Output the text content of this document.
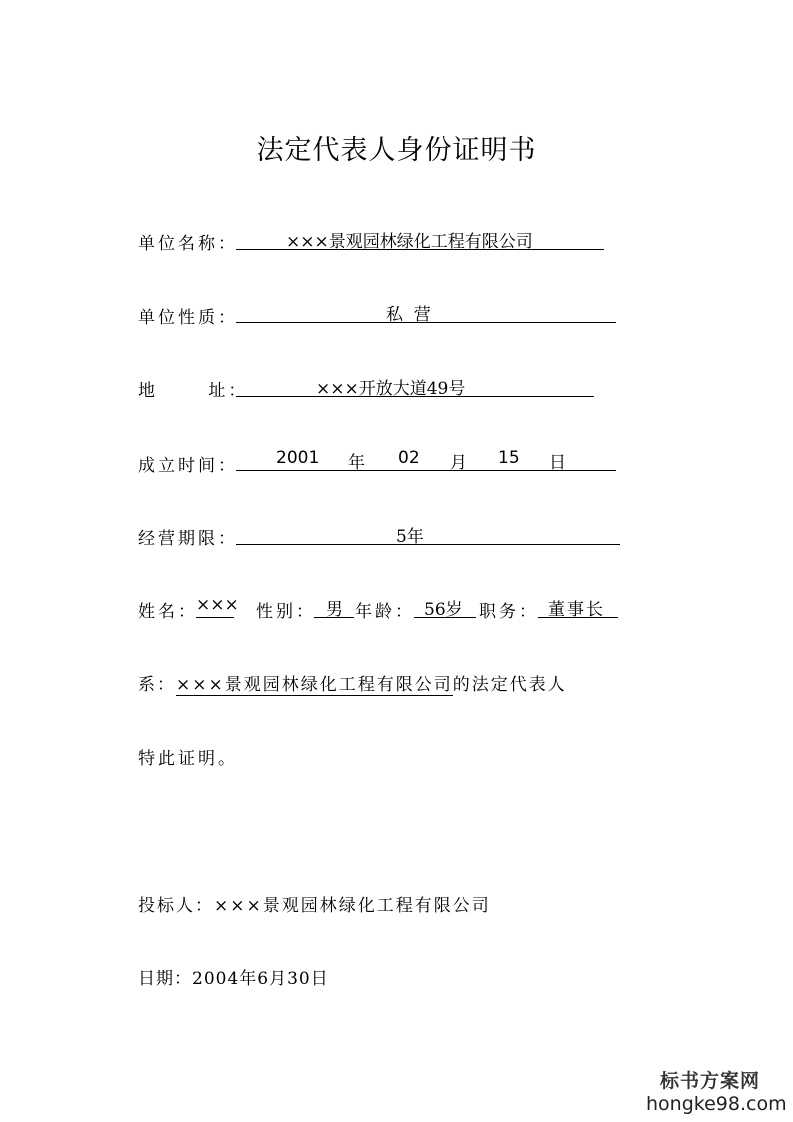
法定代表人身份证明书
单位名称：	×××景观园林绿化工程有限公司
单位性质：	私  营
地      址：	×××开放大道49号
成立时间： 2001 年 02 月 15 日
经营期限：	5年
姓名：
××× 性别： 男 年龄： 56岁 职务： 董事长
系：×××景观园林绿化工程有限公司的法定代表人
特此证明。
投标人：×××景观园林绿化工程有限公司
日期：2004年6月30日
标书方案网
hongke98.com
